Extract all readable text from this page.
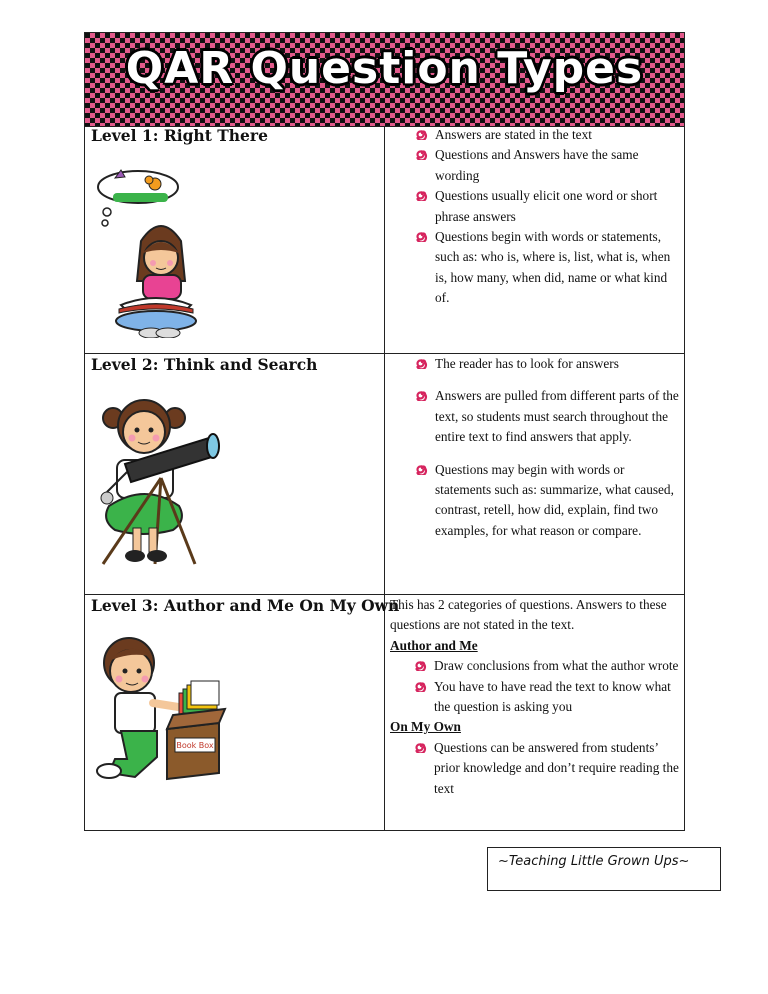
QAR Question Types
Level 1: Right There	Answers are stated in the text
Questions and Answers have the same wording
Questions usually elicit one word or short phrase answers
Questions begin with words or statements, such as: who is, where is, list, what is, when is, how many, when did, name or what kind of.
Level 2: Think and Search	The reader has to look for answers
Answers are pulled from different parts of the text, so students must search throughout the entire text to find answers that apply.
Questions may begin with words or statements such as: summarize, what caused, contrast, retell, how did, explain, find two examples, for what reason or compare.
Level 3: Author and Me On My Own
Book Box
This has 2 categories of questions. Answers to these questions are not stated in the text.
Author and Me
Draw conclusions from what the author wrote
You have to have read the text to know what the question is asking you
On My Own
Questions can be answered from students’ prior knowledge and don’t require reading the text
~Teaching Little Grown Ups~
